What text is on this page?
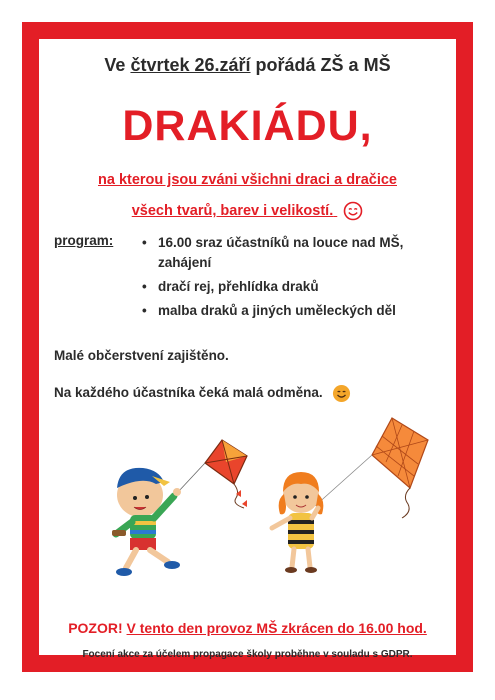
Ve čtvrtek 26.září pořádá ZŠ a MŠ
DRAKIÁDU,
na kterou jsou zváni všichni draci a dračice
všech tvarů, barev i velikostí.
program:
•	16.00 sraz účastníků na louce nad MŠ, zahájení
• dračí rej, přehlídka draků
• malba draků a jiných uměleckých děl
Malé občerstvení zajištěno.
Na každého účastníka čeká malá odměna.
POZOR! V tento den provoz MŠ zkrácen do 16.00 hod.
Focení akce za účelem propagace školy proběhne v souladu s GDPR.
